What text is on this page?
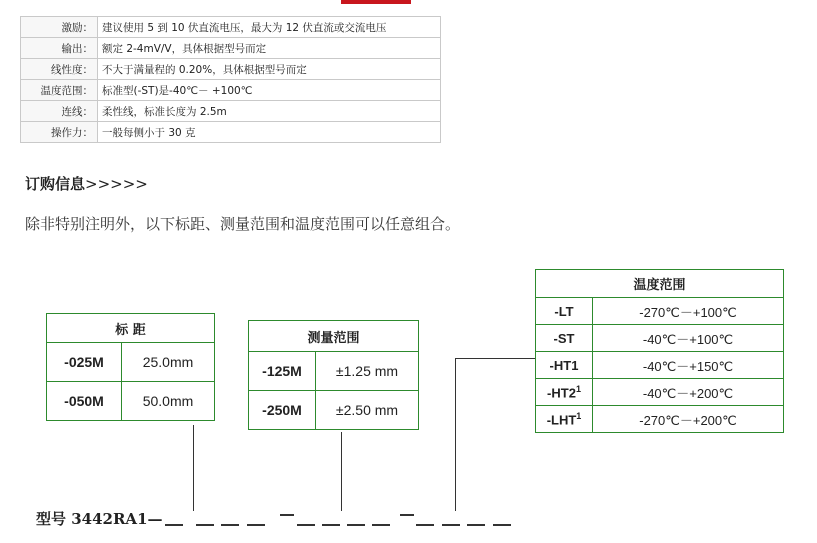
激励：	建议使用 5 到 10 伏直流电压，最大为 12 伏直流或交流电压
输出：	额定 2-4mV/V，具体根据型号而定
线性度：	不大于满量程的 0.20%，具体根据型号而定
温度范围：	标准型(-ST)是-40℃－ +100℃
连线：	柔性线，标准长度为 2.5m
操作力：	一般每侧小于 30 克
订购信息>>>>>
除非特别注明外，以下标距、测量范围和温度范围可以任意组合。
标 距	
-025M	25.0mm
-050M	50.0mm
测量范围	
-125M	±1.25 mm
-250M	±2.50 mm
温度范围	
-LT	-270℃－+100℃
-ST	-40℃－+100℃
-HT1	-40℃－+150℃
$-HT2^1$	-40℃－+200℃
-LHT$^1$	-270℃－+200℃
型号 3442RA1—
